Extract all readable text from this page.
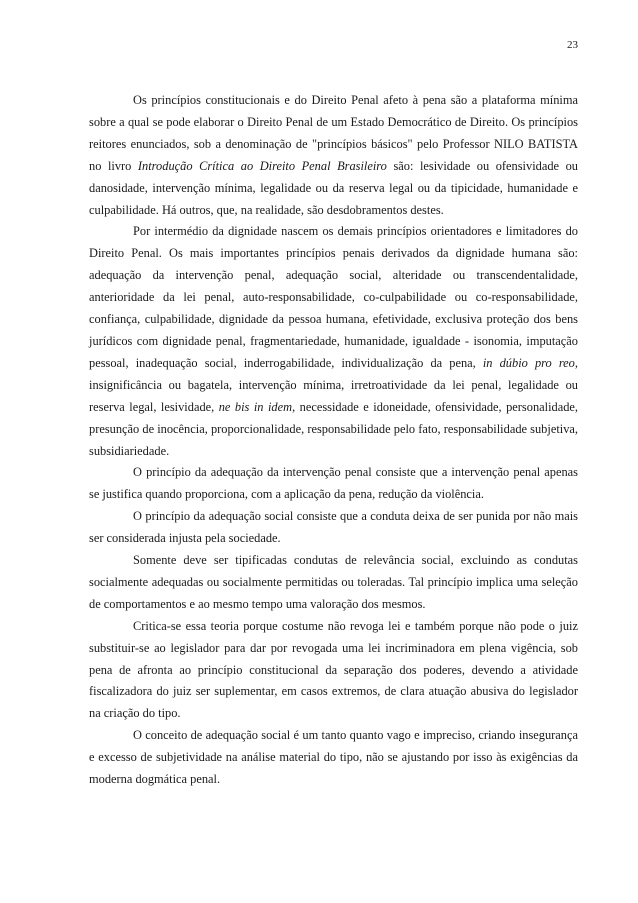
23

Os princípios constitucionais e do Direito Penal afeto à pena são a plataforma mínima sobre a qual se pode elaborar o Direito Penal de um Estado Democrático de Direito. Os princípios reitores enunciados, sob a denominação de "princípios básicos" pelo Professor NILO BATISTA no livro Introdução Crítica ao Direito Penal Brasileiro são: lesividade ou ofensividade ou danosidade, intervenção mínima, legalidade ou da reserva legal ou da tipicidade, humanidade e culpabilidade. Há outros, que, na realidade, são desdobramentos destes.

Por intermédio da dignidade nascem os demais princípios orientadores e limitadores do Direito Penal. Os mais importantes princípios penais derivados da dignidade humana são: adequação da intervenção penal, adequação social, alteridade ou transcendentalidade, anterioridade da lei penal, auto-responsabilidade, co-culpabilidade ou co-responsabilidade, confiança, culpabilidade, dignidade da pessoa humana, efetividade, exclusiva proteção dos bens jurídicos com dignidade penal, fragmentariedade, humanidade, igualdade - isonomia, imputação pessoal, inadequação social, inderrogabilidade, individualização da pena, in dúbio pro reo, insignificância ou bagatela, intervenção mínima, irretroatividade da lei penal, legalidade ou reserva legal, lesividade, ne bis in idem, necessidade e idoneidade, ofensividade, personalidade, presunção de inocência, proporcionalidade, responsabilidade pelo fato, responsabilidade subjetiva, subsidiariedade.

O princípio da adequação da intervenção penal consiste que a intervenção penal apenas se justifica quando proporciona, com a aplicação da pena, redução da violência.

O princípio da adequação social consiste que a conduta deixa de ser punida por não mais ser considerada injusta pela sociedade.

Somente deve ser tipificadas condutas de relevância social, excluindo as condutas socialmente adequadas ou socialmente permitidas ou toleradas. Tal princípio implica uma seleção de comportamentos e ao mesmo tempo uma valoração dos mesmos.

Critica-se essa teoria porque costume não revoga lei e também porque não pode o juiz substituir-se ao legislador para dar por revogada uma lei incriminadora em plena vigência, sob pena de afronta ao princípio constitucional da separação dos poderes, devendo a atividade fiscalizadora do juiz ser suplementar, em casos extremos, de clara atuação abusiva do legislador na criação do tipo.

O conceito de adequação social é um tanto quanto vago e impreciso, criando insegurança e excesso de subjetividade na análise material do tipo, não se ajustando por isso às exigências da moderna dogmática penal.
